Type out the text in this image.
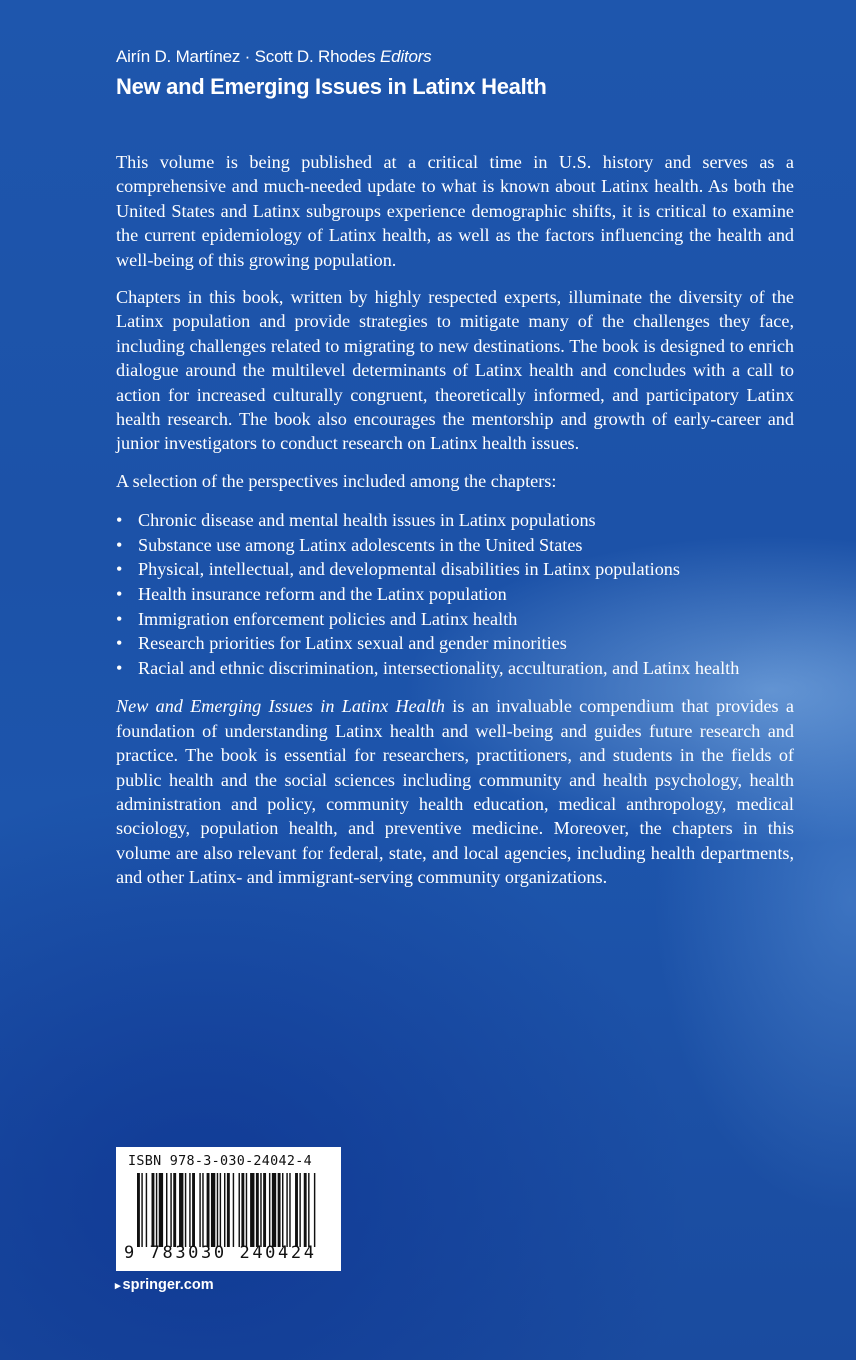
Airín D. Martínez · Scott D. Rhodes Editors
New and Emerging Issues in Latinx Health

This volume is being published at a critical time in U.S. history and serves as a comprehensive and much-needed update to what is known about Latinx health. As both the United States and Latinx subgroups experience demographic shifts, it is critical to examine the current epidemiology of Latinx health, as well as the factors influencing the health and well-being of this growing population.

Chapters in this book, written by highly respected experts, illuminate the diversity of the Latinx population and provide strategies to mitigate many of the challenges they face, including challenges related to migrating to new destinations. The book is designed to enrich dialogue around the multilevel determinants of Latinx health and concludes with a call to action for increased culturally congruent, theoretically informed, and participatory Latinx health research. The book also encourages the mentorship and growth of early-career and junior investigators to conduct research on Latinx health issues.

A selection of the perspectives included among the chapters:

• Chronic disease and mental health issues in Latinx populations
• Substance use among Latinx adolescents in the United States
• Physical, intellectual, and developmental disabilities in Latinx populations
• Health insurance reform and the Latinx population
• Immigration enforcement policies and Latinx health
• Research priorities for Latinx sexual and gender minorities
• Racial and ethnic discrimination, intersectionality, acculturation, and Latinx health

New and Emerging Issues in Latinx Health is an invaluable compendium that provides a foundation of understanding Latinx health and well-being and guides future research and practice. The book is essential for researchers, practitioners, and students in the fields of public health and the social sciences including community and health psychology, health administration and policy, community health education, medical anthropology, medical sociology, population health, and preventive medicine. Moreover, the chapters in this volume are also relevant for federal, state, and local agencies, including health departments, and other Latinx- and immigrant-serving community organizations.

ISBN 978-3-030-24042-4
9 783030 240424
▸ springer.com
